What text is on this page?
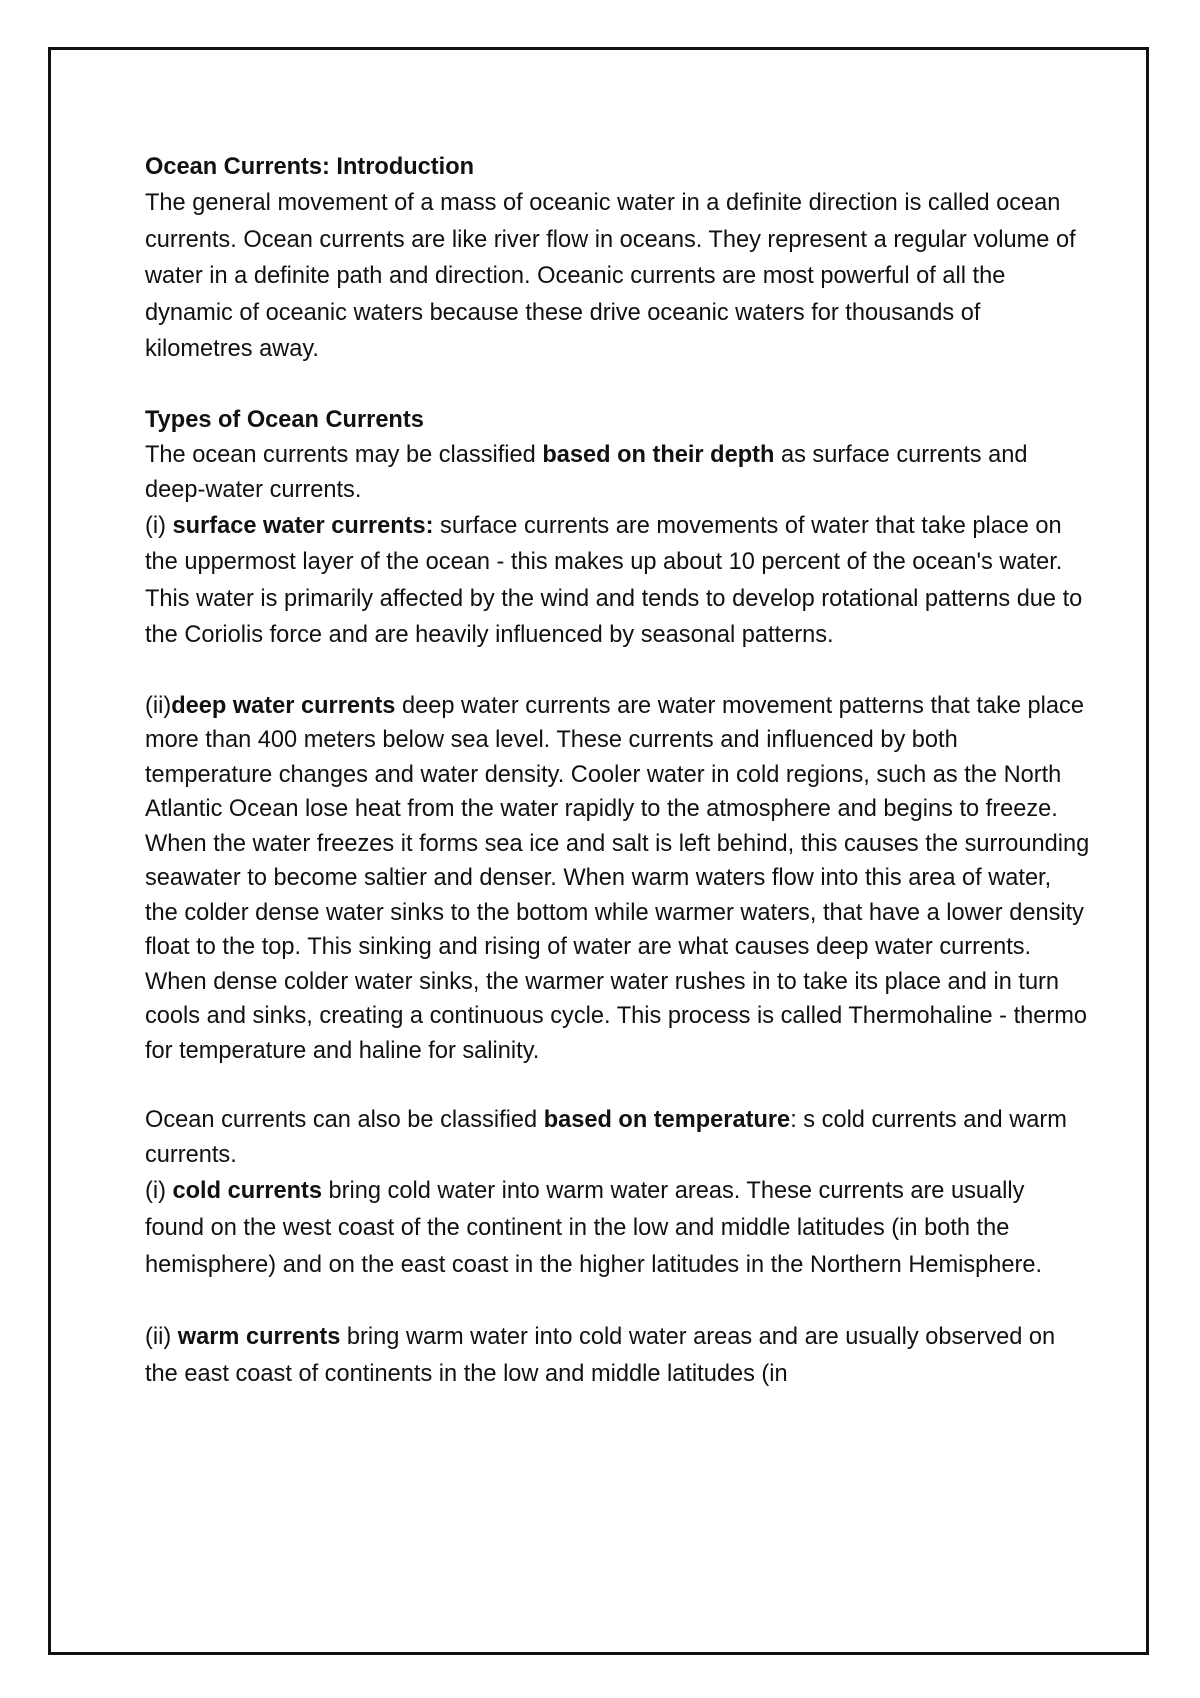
Ocean Currents: Introduction

The general movement of a mass of oceanic water in a definite direction is called ocean currents. Ocean currents are like river flow in oceans. They represent a regular volume of water in a definite path and direction. Oceanic currents are most powerful of all the dynamic of oceanic waters because these drive oceanic waters for thousands of kilometres away.

Types of Ocean Currents

The ocean currents may be classified based on their depth as surface currents and deep-water currents.

(i) surface water currents: surface currents are movements of water that take place on the uppermost layer of the ocean - this makes up about 10 percent of the ocean's water. This water is primarily affected by the wind and tends to develop rotational patterns due to the Coriolis force and are heavily influenced by seasonal patterns.

(ii)deep water currents deep water currents are water movement patterns that take place more than 400 meters below sea level. These currents and influenced by both temperature changes and water density. Cooler water in cold regions, such as the North Atlantic Ocean lose heat from the water rapidly to the atmosphere and begins to freeze. When the water freezes it forms sea ice and salt is left behind, this causes the surrounding seawater to become saltier and denser. When warm waters flow into this area of water, the colder dense water sinks to the bottom while warmer waters, that have a lower density float to the top. This sinking and rising of water are what causes deep water currents. When dense colder water sinks, the warmer water rushes in to take its place and in turn cools and sinks, creating a continuous cycle. This process is called Thermohaline - thermo for temperature and haline for salinity.

Ocean currents can also be classified based on temperature: s cold currents and warm currents.

(i) cold currents bring cold water into warm water areas. These currents are usually found on the west coast of the continent in the low and middle latitudes (in both the hemisphere) and on the east coast in the higher latitudes in the Northern Hemisphere.

(ii) warm currents bring warm water into cold water areas and are usually observed on the east coast of continents in the low and middle latitudes (in
